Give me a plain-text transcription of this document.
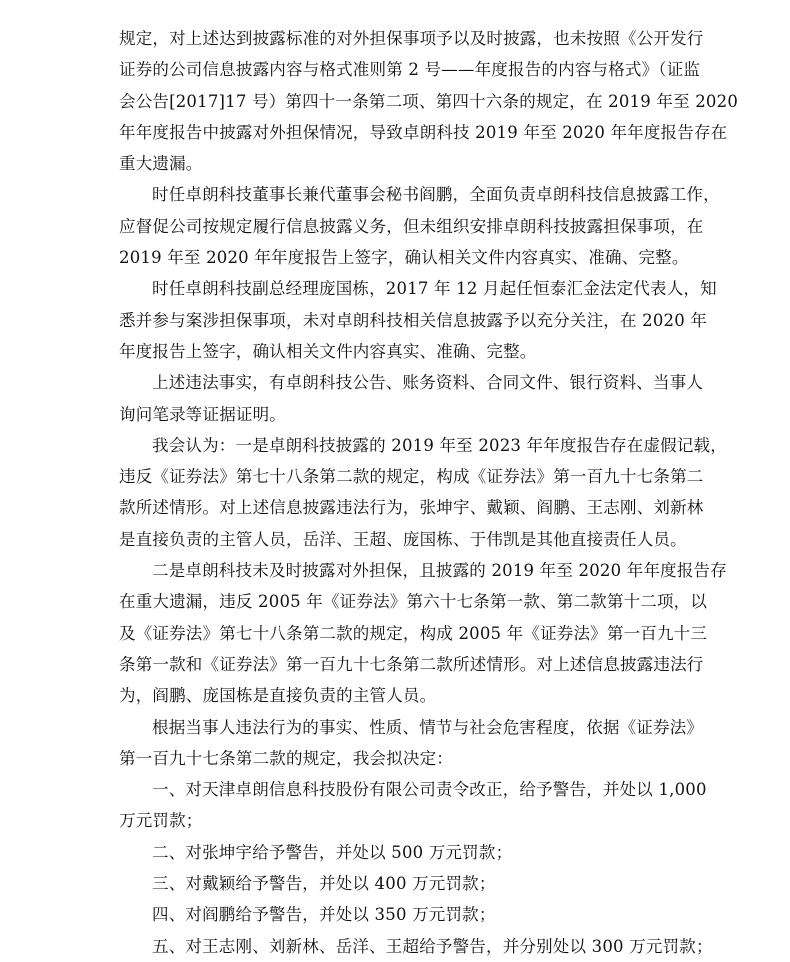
规定，对上述达到披露标准的对外担保事项予以及时披露，也未按照《公开发行
证券的公司信息披露内容与格式准则第 2 号——年度报告的内容与格式》（证监
会公告[2017]17 号）第四十一条第二项、第四十六条的规定，在 2019 年至 2020
年年度报告中披露对外担保情况，导致卓朗科技 2019 年至 2020 年年度报告存在
重大遗漏。
时任卓朗科技董事长兼代董事会秘书阎鹏，全面负责卓朗科技信息披露工作，
应督促公司按规定履行信息披露义务，但未组织安排卓朗科技披露担保事项，在
2019 年至 2020 年年度报告上签字，确认相关文件内容真实、准确、完整。
时任卓朗科技副总经理庞国栋，2017 年 12 月起任恒泰汇金法定代表人，知
悉并参与案涉担保事项，未对卓朗科技相关信息披露予以充分关注，在 2020 年
年度报告上签字，确认相关文件内容真实、准确、完整。
上述违法事实，有卓朗科技公告、账务资料、合同文件、银行资料、当事人
询问笔录等证据证明。
我会认为：一是卓朗科技披露的 2019 年至 2023 年年度报告存在虚假记载，
违反《证券法》第七十八条第二款的规定，构成《证券法》第一百九十七条第二
款所述情形。对上述信息披露违法行为，张坤宇、戴颖、阎鹏、王志刚、刘新林
是直接负责的主管人员，岳洋、王超、庞国栋、于伟凯是其他直接责任人员。
二是卓朗科技未及时披露对外担保，且披露的 2019 年至 2020 年年度报告存
在重大遗漏，违反 2005 年《证券法》第六十七条第一款、第二款第十二项，以
及《证券法》第七十八条第二款的规定，构成 2005 年《证券法》第一百九十三
条第一款和《证券法》第一百九十七条第二款所述情形。对上述信息披露违法行
为，阎鹏、庞国栋是直接负责的主管人员。
根据当事人违法行为的事实、性质、情节与社会危害程度，依据《证券法》
第一百九十七条第二款的规定，我会拟决定：
一、对天津卓朗信息科技股份有限公司责令改正，给予警告，并处以 1,000
万元罚款；
二、对张坤宇给予警告，并处以 500 万元罚款；
三、对戴颖给予警告，并处以 400 万元罚款；
四、对阎鹏给予警告，并处以 350 万元罚款；
五、对王志刚、刘新林、岳洋、王超给予警告，并分别处以 300 万元罚款；
